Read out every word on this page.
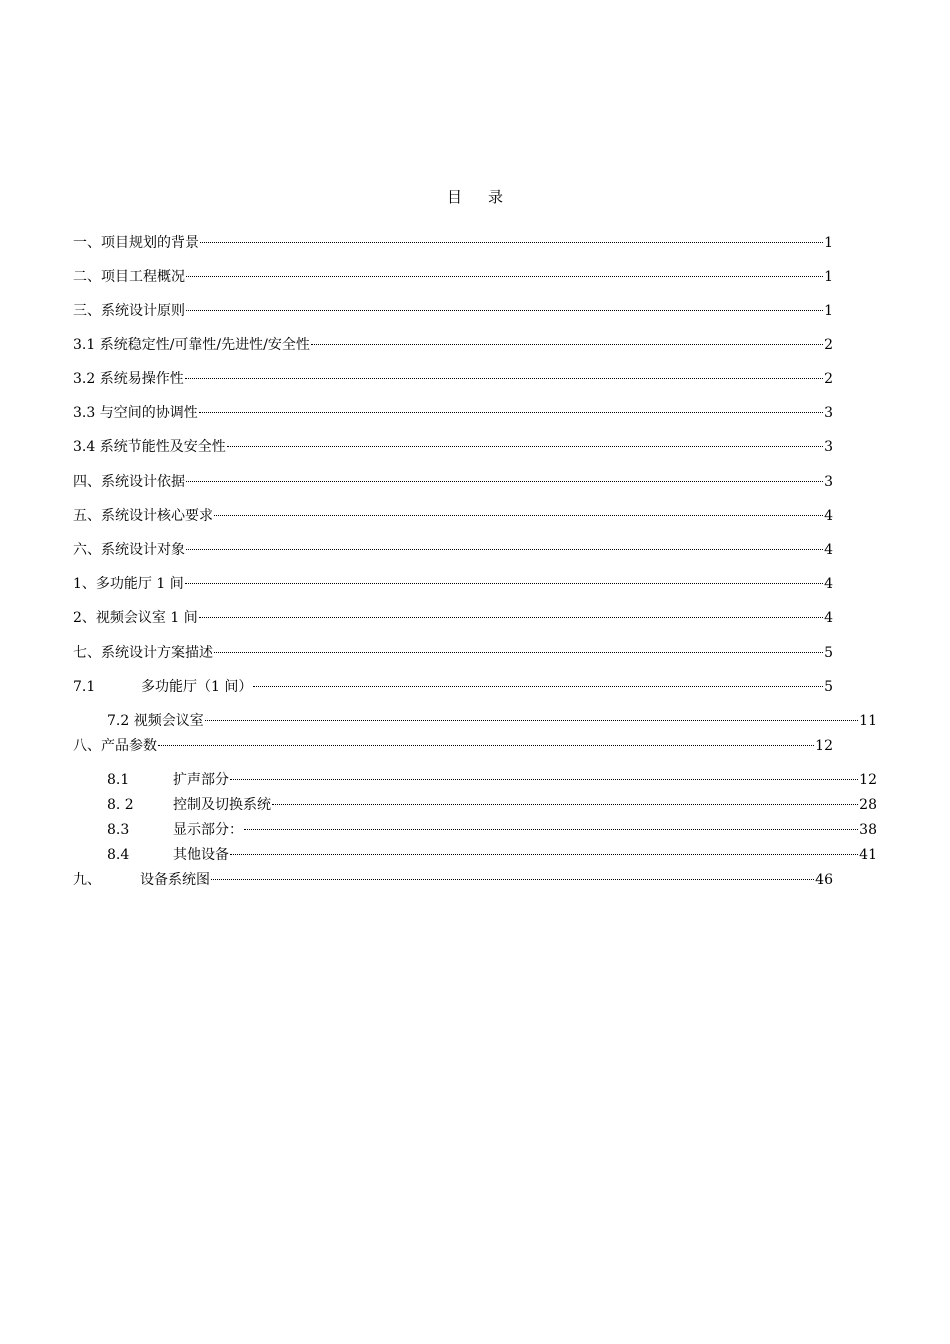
目 录
一、项目规划的背景	1
二、项目工程概况	1
三、系统设计原则	1
3.1 系统稳定性/可靠性/先进性/安全性	2
3.2 系统易操作性	2
3.3 与空间的协调性	3
3.4 系统节能性及安全性	3
四、系统设计依据	3
五、系统设计核心要求	4
六、系统设计对象	4
1、多功能厅 1 间	4
2、视频会议室 1 间	4
七、系统设计方案描述	5
7.1	多功能厅（1 间）	5
7.2 视频会议室	11
八、产品参数	12
8.1	扩声部分	12
8. 2	控制及切换系统	28
8.3	显示部分：	38
8.4	其他设备	41
九、	设备系统图	46
